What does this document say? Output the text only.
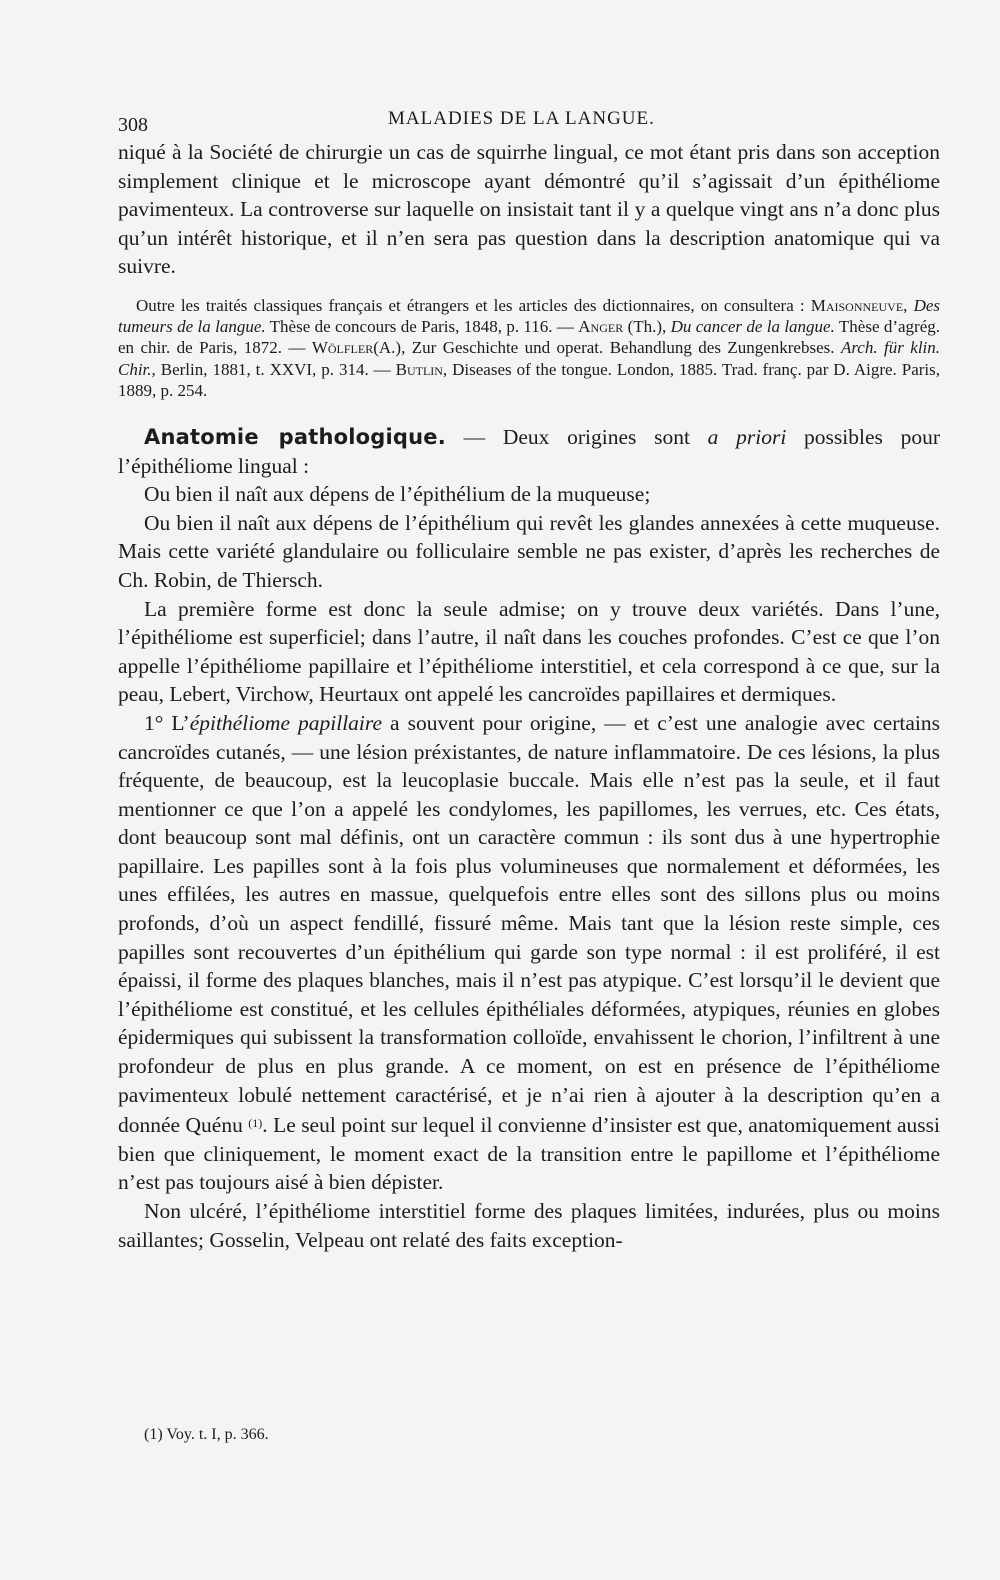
308	MALADIES DE LA LANGUE.

niqué à la Société de chirurgie un cas de squirrhe lingual, ce mot étant pris dans son acception simplement clinique et le microscope ayant démontré qu’il s’agissait d’un épithéliome pavimenteux. La controverse sur laquelle on insistait tant il y a quelque vingt ans n’a donc plus qu’un intérêt historique, et il n’en sera pas question dans la description anatomique qui va suivre.

Outre les traités classiques français et étrangers et les articles des dictionnaires, on consultera : Maisonneuve, Des tumeurs de la langue. Thèse de concours de Paris, 1848, p. 116. — Anger (Th.), Du cancer de la langue. Thèse d’agrég. en chir. de Paris, 1872. — Wölfler(A.), Zur Geschichte und operat. Behandlung des Zungenkrebses. Arch. für klin. Chir., Berlin, 1881, t. XXVI, p. 314. — Butlin, Diseases of the tongue. London, 1885. Trad. franç. par D. Aigre. Paris, 1889, p. 254.

Anatomie pathologique. — Deux origines sont a priori possibles pour l’épithéliome lingual :

Ou bien il naît aux dépens de l’épithélium de la muqueuse;

Ou bien il naît aux dépens de l’épithélium qui revêt les glandes annexées à cette muqueuse. Mais cette variété glandulaire ou folliculaire semble ne pas exister, d’après les recherches de Ch. Robin, de Thiersch.

La première forme est donc la seule admise; on y trouve deux variétés. Dans l’une, l’épithéliome est superficiel; dans l’autre, il naît dans les couches profondes. C’est ce que l’on appelle l’épithéliome papillaire et l’épithéliome interstitiel, et cela correspond à ce que, sur la peau, Lebert, Virchow, Heurtaux ont appelé les cancroïdes papillaires et dermiques.

1° L’épithéliome papillaire a souvent pour origine, — et c’est une analogie avec certains cancroïdes cutanés, — une lésion préxistantes, de nature inflammatoire. De ces lésions, la plus fréquente, de beaucoup, est la leucoplasie buccale. Mais elle n’est pas la seule, et il faut mentionner ce que l’on a appelé les condylomes, les papillomes, les verrues, etc. Ces états, dont beaucoup sont mal définis, ont un caractère commun : ils sont dus à une hypertrophie papillaire. Les papilles sont à la fois plus volumineuses que normalement et déformées, les unes effilées, les autres en massue, quelquefois entre elles sont des sillons plus ou moins profonds, d’où un aspect fendillé, fissuré même. Mais tant que la lésion reste simple, ces papilles sont recouvertes d’un épithélium qui garde son type normal : il est proliféré, il est épaissi, il forme des plaques blanches, mais il n’est pas atypique. C’est lorsqu’il le devient que l’épithéliome est constitué, et les cellules épithéliales déformées, atypiques, réunies en globes épidermiques qui subissent la transformation colloïde, envahissent le chorion, l’infiltrent à une profondeur de plus en plus grande. A ce moment, on est en présence de l’épithéliome pavimenteux lobulé nettement caractérisé, et je n’ai rien à ajouter à la description qu’en a donnée Quénu $^{(1)}$. Le seul point sur lequel il convienne d’insister est que, anatomiquement aussi bien que cliniquement, le moment exact de la transition entre le papillome et l’épithéliome n’est pas toujours aisé à bien dépister.

Non ulcéré, l’épithéliome interstitiel forme des plaques limitées, indurées, plus ou moins saillantes; Gosselin, Velpeau ont relaté des faits exception-

(1) Voy. t. I, p. 366.
